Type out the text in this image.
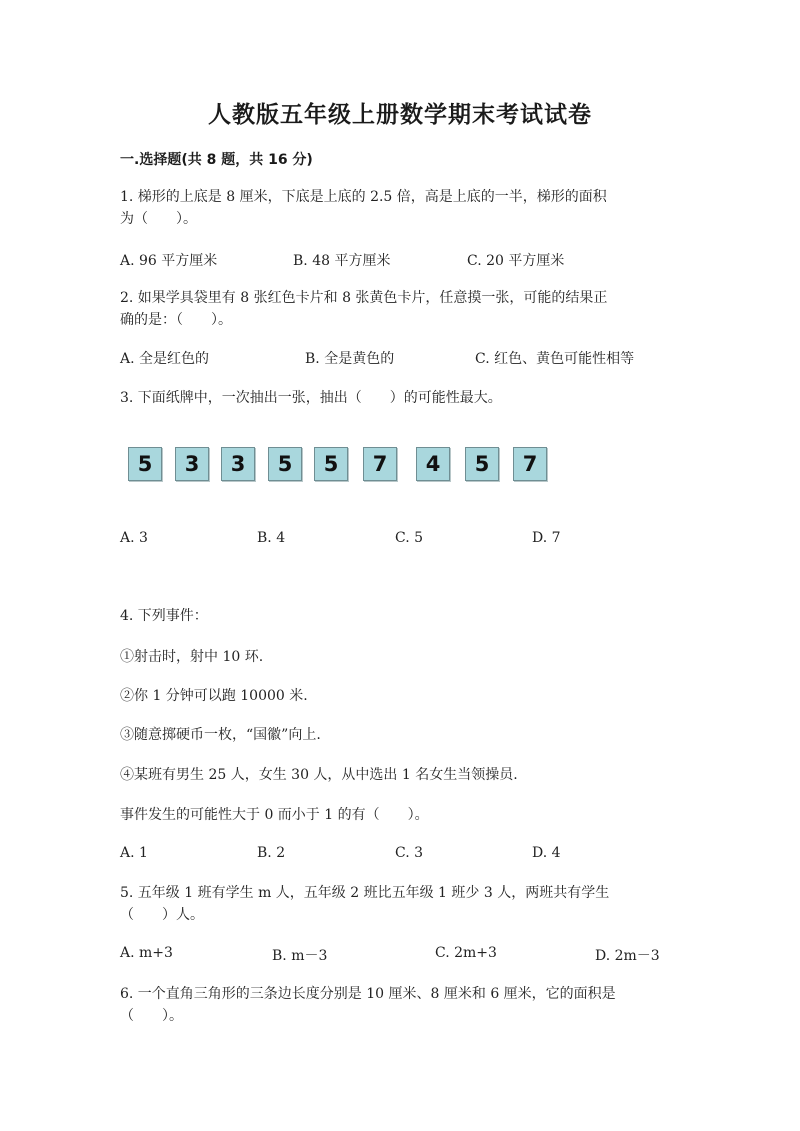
人教版五年级上册数学期末考试试卷
一.选择题(共 8 题，共 16 分)
1. 梯形的上底是 8 厘米，下底是上底的 2.5 倍，高是上底的一半，梯形的面积
为（　　）。
A. 96 平方厘米	B. 48 平方厘米	C. 20 平方厘米
2. 如果学具袋里有 8 张红色卡片和 8 张黄色卡片，任意摸一张，可能的结果正
确的是：（　　）。
A. 全是红色的	B. 全是黄色的	C. 红色、黄色可能性相等
3. 下面纸牌中，一次抽出一张，抽出（　　）的可能性最大。
5	3	3	5	5	7	4	5	7
A. 3	B. 4	C. 5	D. 7
4. 下列事件：
①射击时，射中 10 环.
②你 1 分钟可以跑 10000 米.
③随意掷硬币一枚，“国徽”向上.
④某班有男生 25 人，女生 30 人，从中选出 1 名女生当领操员.
事件发生的可能性大于 0 而小于 1 的有（　　）。
A. 1	B. 2	C. 3	D. 4
5. 五年级 1 班有学生 m 人，五年级 2 班比五年级 1 班少 3 人，两班共有学生
（　　）人。
A. m+3	B. m－3	C. 2m+3	D. 2m－3
6. 一个直角三角形的三条边长度分别是 10 厘米、8 厘米和 6 厘米，它的面积是
（　　）。
